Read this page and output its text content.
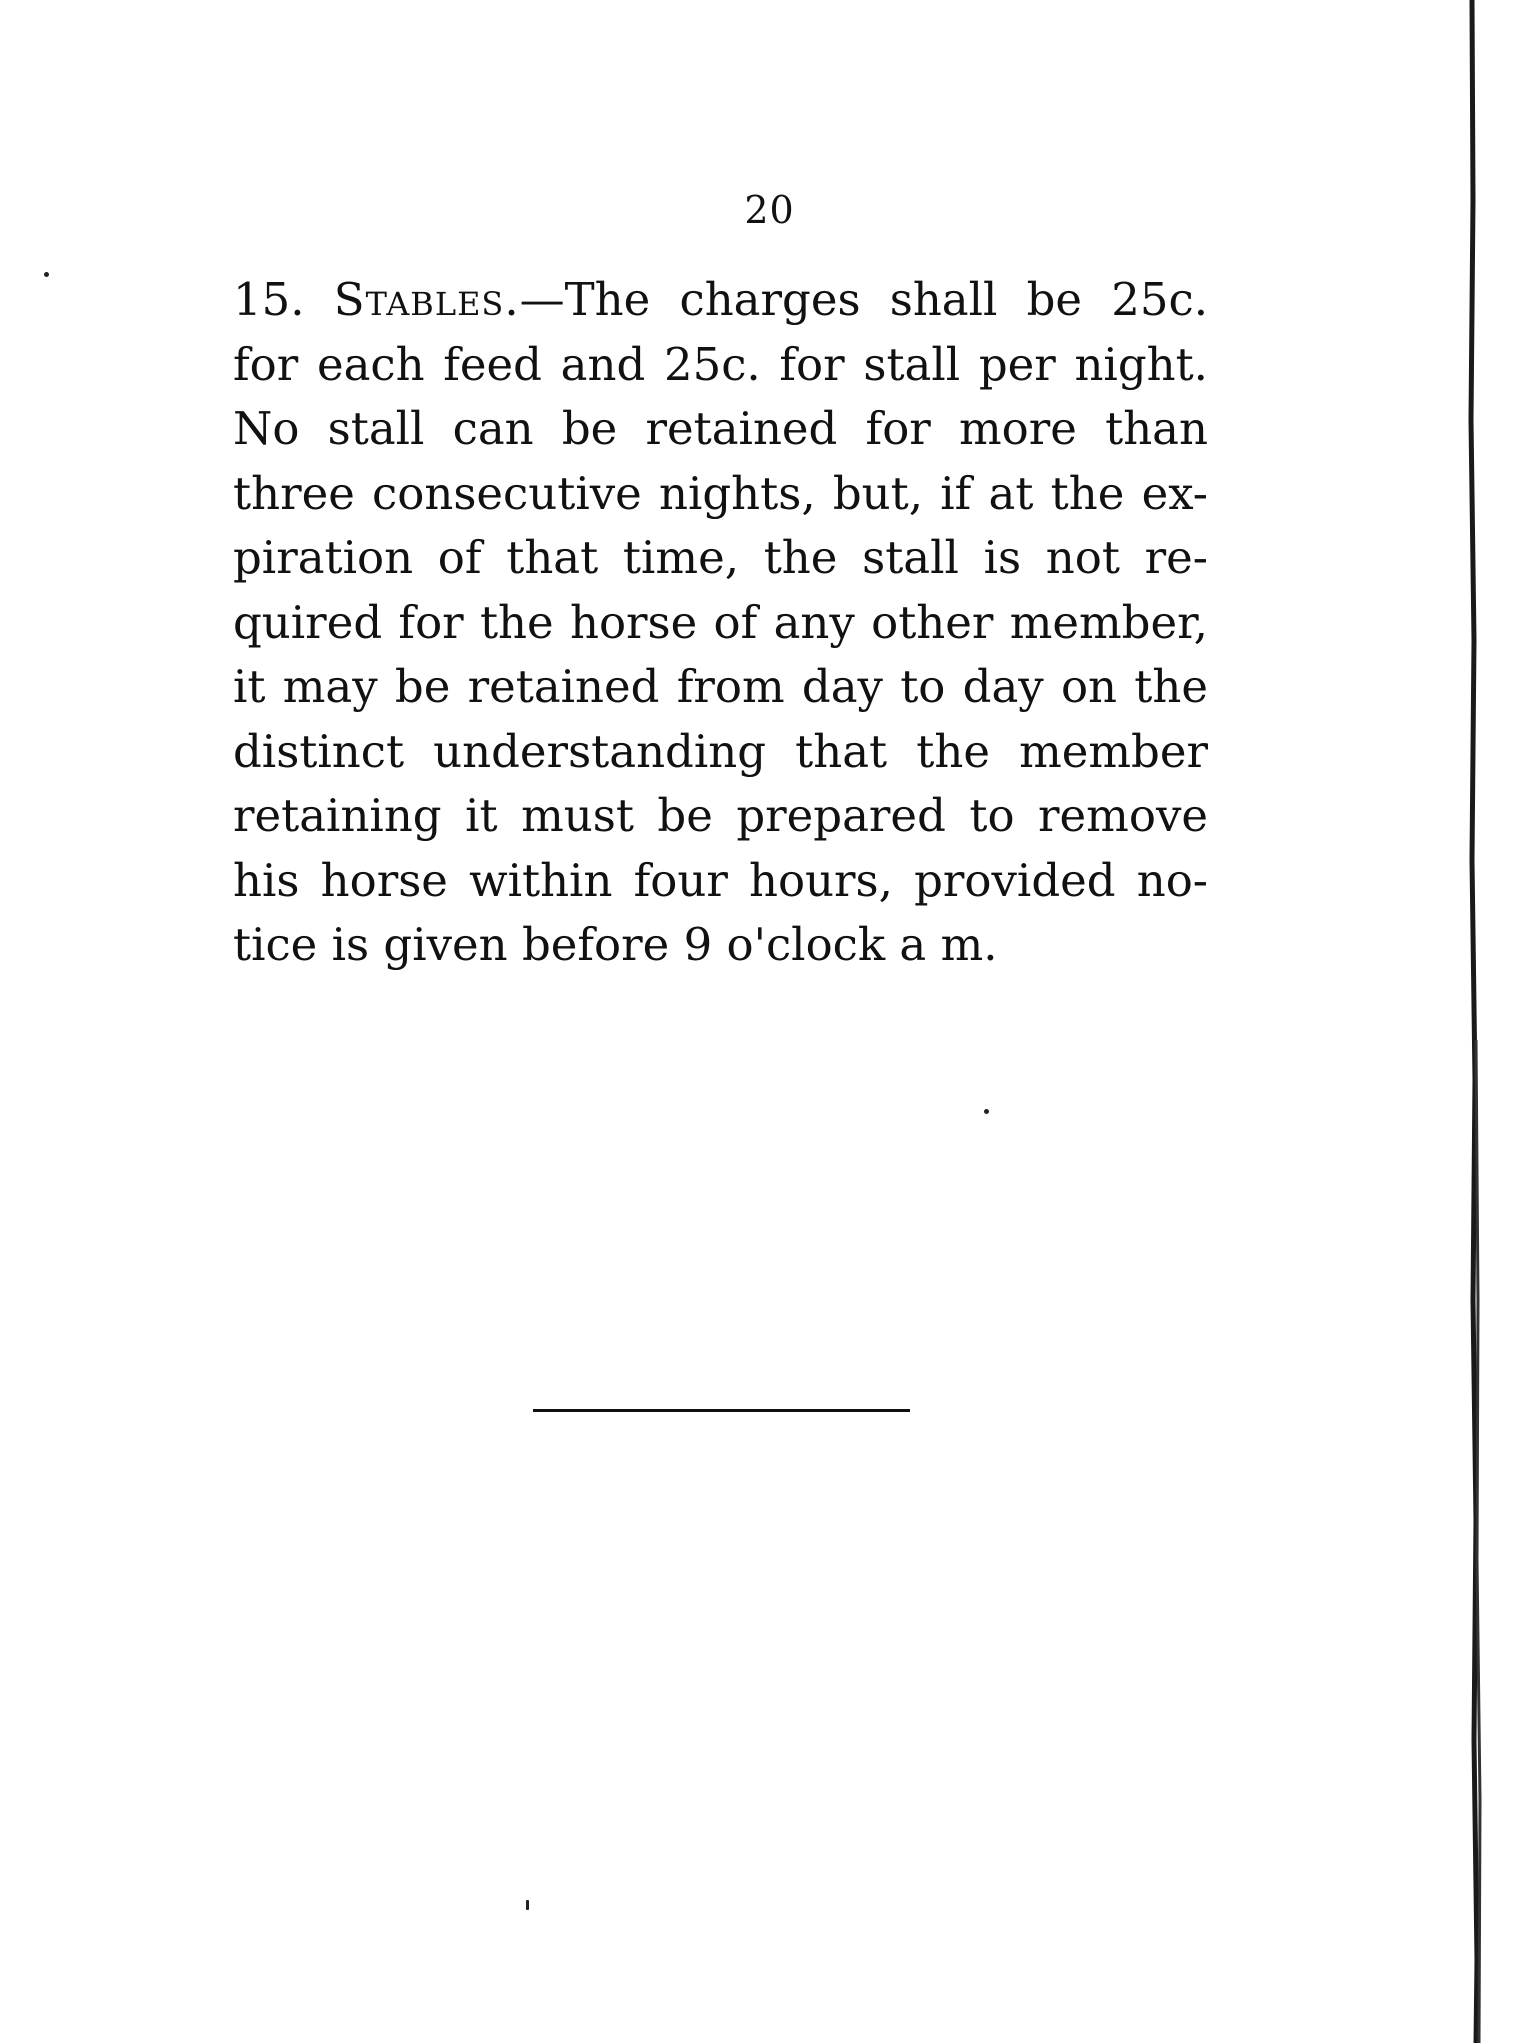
20
15. Stables.—The charges shall be 25c.
for each feed and 25c. for stall per night.
No stall can be retained for more than
three consecutive nights, but, if at the ex-
piration of that time, the stall is not re-
quired for the horse of any other member,
it may be retained from day to day on the
distinct understanding that the member
retaining it must be prepared to remove
his horse within four hours, provided no-
tice is given before 9 o'clock a m.
